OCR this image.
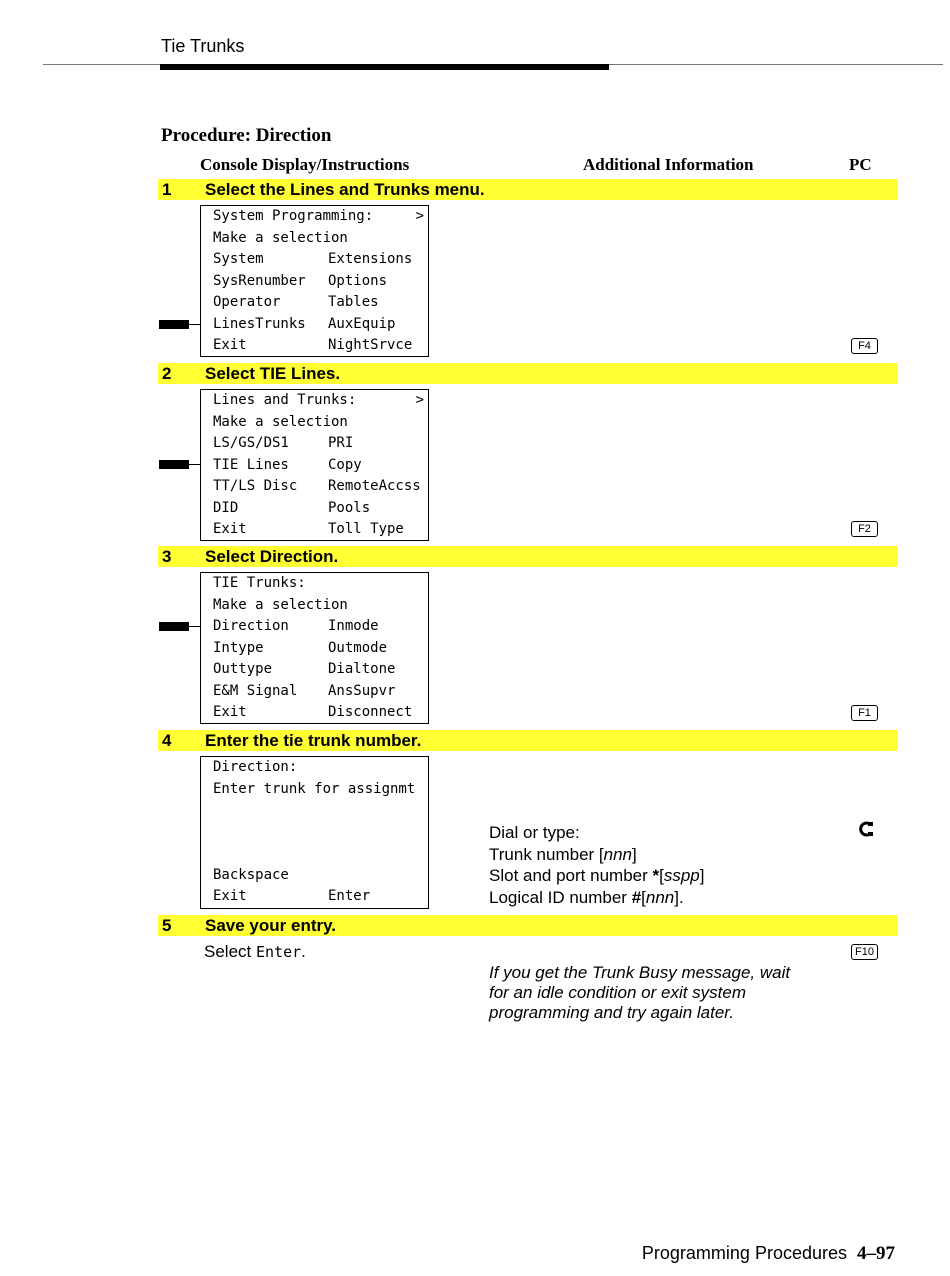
Tie Trunks
Procedure: Direction
Console Display/Instructions	Additional Information	PC
1 Select the Lines and Trunks menu.
System Programming:	>
Make a selection
System	Extensions
SysRenumber Options
Operator	Tables
LinesTrunks AuxEquip
Exit	NightSrvce	F4
2 Select TIE Lines.
Lines and Trunks:	>
Make a selection
LS/GS/DS1	PRI
TIE Lines	Copy
TT/LS Disc RemoteAccss
DID	Pools
Exit	Toll Type	F2
3 Select Direction.
TIE Trunks:
Make a selection
Direction	Inmode
Intype	Outmode
Outtype	Dialtone
E&M Signal AnsSupvr
Exit	Disconnect	F1
4 Enter the tie trunk number.
Direction:
Enter trunk for assignmt
Backspace
Exit	Enter
Dial or type:
Trunk number [nnn]
Slot and port number *[sspp]
Logical ID number #[nnn].
5 Save your entry.
Select Enter.	F10
If you get the Trunk Busy message, wait
for an idle condition or exit system
programming and try again later.
Programming Procedures 4–97
